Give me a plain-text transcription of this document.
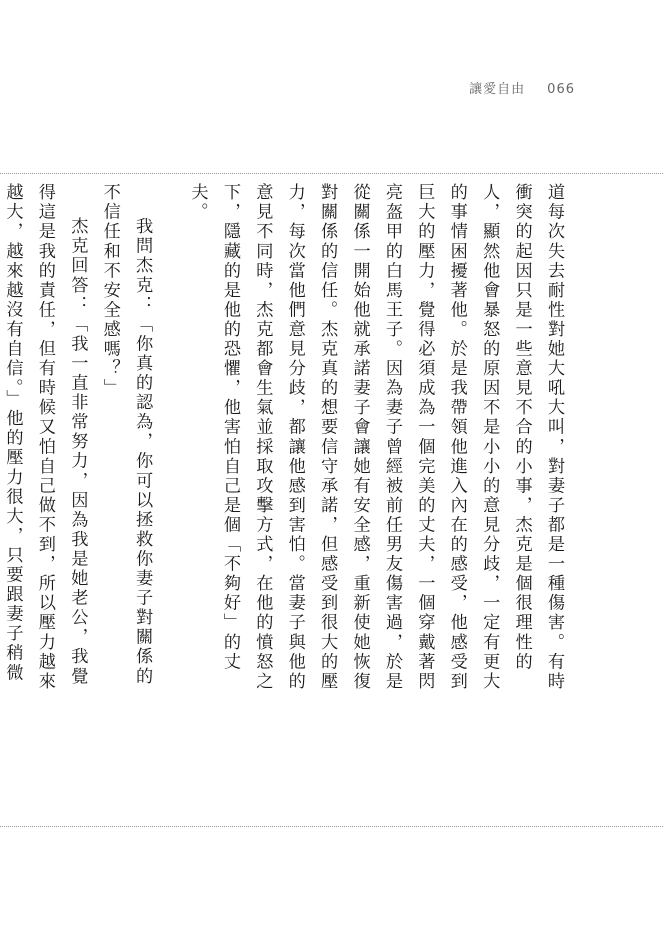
讓愛自由 066

道每次失去耐性對她大吼大叫，對妻子都是一種傷害。有時衝突的起因只是一些意見不合的小事，杰克是個很理性的人，顯然他會暴怒的原因不是小小的意見分歧，一定有更大的事情困擾著他。於是我帶領他進入內在的感受，他感受到巨大的壓力，覺得必須成為一個完美的丈夫，一個穿戴著閃亮盔甲的白馬王子。因為妻子曾經被前任男友傷害過，於是從關係一開始他就承諾妻子會讓她有安全感，重新使她恢復對關係的信任。杰克真的想要信守承諾，但感受到很大的壓力，每次當他們意見分歧，都讓他感到害怕。當妻子與他的意見不同時，杰克都會生氣並採取攻擊方式，在他的憤怒之下，隱藏的是他的恐懼，他害怕自己是個「不夠好」的丈夫。

我問杰克：「你真的認為，你可以拯救你妻子對關係的不信任和不安全感嗎？」

杰克回答：「我一直非常努力，因為我是她老公，我覺得這是我的責任，但有時候又怕自己做不到，所以壓力越來越大，越來越沒有自信。」他的壓力很大，只要跟妻子稍微
